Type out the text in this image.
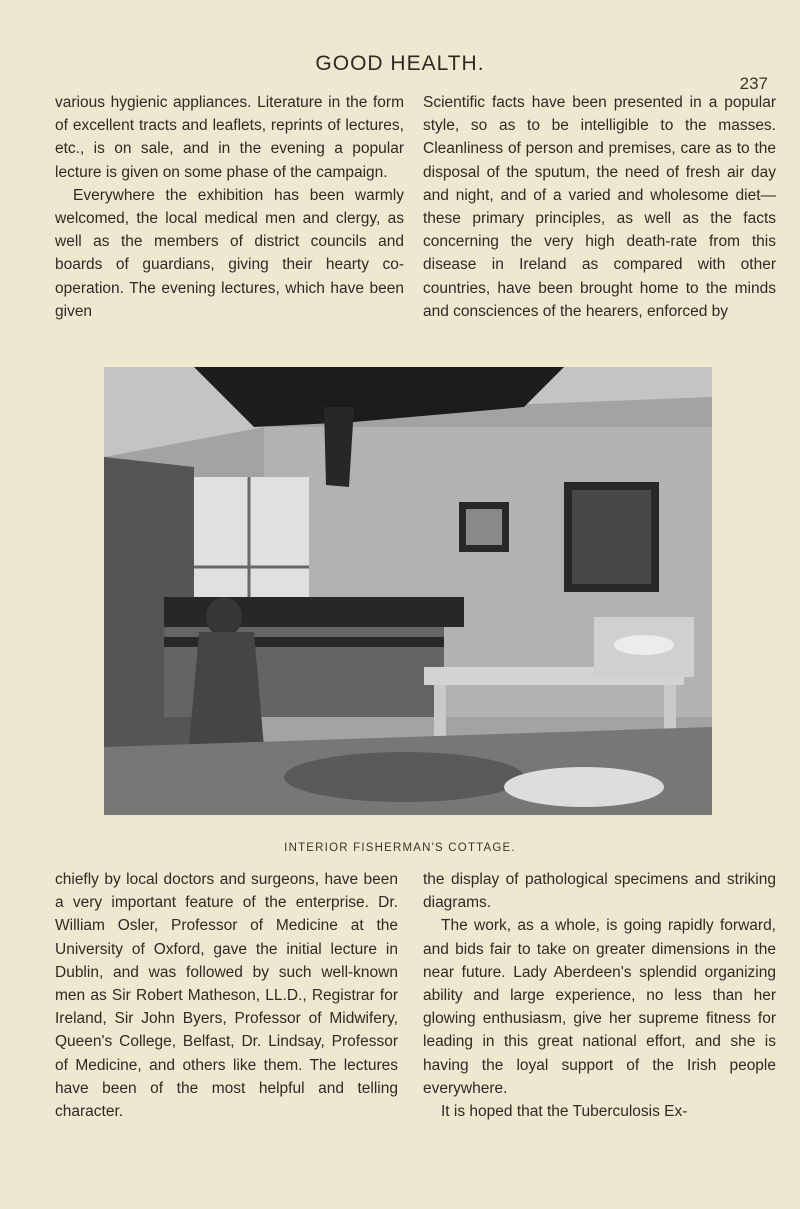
GOOD HEALTH.
237

various hygienic appliances. Literature in the form of excellent tracts and leaflets, reprints of lectures, etc., is on sale, and in the evening a popular lecture is given on some phase of the campaign.

Everywhere the exhibition has been warmly welcomed, the local medical men and clergy, as well as the members of district councils and boards of guardians, giving their hearty co-operation. The evening lectures, which have been given

Scientific facts have been presented in a popular style, so as to be intelligible to the masses. Cleanliness of person and premises, care as to the disposal of the sputum, the need of fresh air day and night, and of a varied and wholesome diet—these primary principles, as well as the facts concerning the very high death-rate from this disease in Ireland as compared with other countries, have been brought home to the minds and consciences of the hearers, enforced by

INTERIOR FISHERMAN'S COTTAGE.

chiefly by local doctors and surgeons, have been a very important feature of the enterprise. Dr. William Osler, Professor of Medicine at the University of Oxford, gave the initial lecture in Dublin, and was followed by such well-known men as Sir Robert Matheson, LL.D., Registrar for Ireland, Sir John Byers, Professor of Midwifery, Queen's College, Belfast, Dr. Lindsay, Professor of Medicine, and others like them. The lectures have been of the most helpful and telling character.

the display of pathological specimens and striking diagrams.

The work, as a whole, is going rapidly forward, and bids fair to take on greater dimensions in the near future. Lady Aberdeen's splendid organizing ability and large experience, no less than her glowing enthusiasm, give her supreme fitness for leading in this great national effort, and she is having the loyal support of the Irish people everywhere.

It is hoped that the Tuberculosis Ex-
